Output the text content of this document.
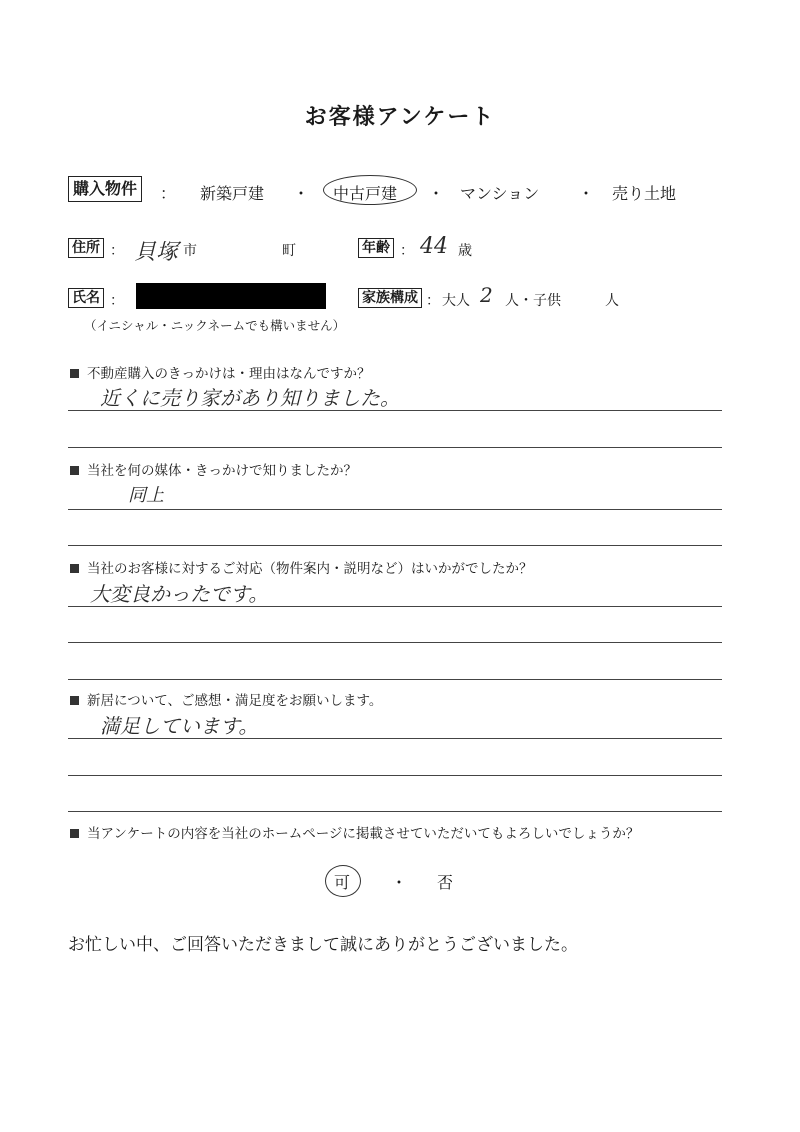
お客様アンケート
購入物件	： 新築戸建 ・ 中古戸建 ・ マンション ・ 売り土地
住所 ： 貝塚 市	町	年齢 ： 44 歳
氏名 ：	家族構成 ： 大人 2 人・子供	人
（イニシャル・ニックネームでも構いません）
不動産購入のきっかけは・理由はなんですか？
近くに売り家があり知りました。
当社を何の媒体・きっかけで知りましたか？
同上
当社のお客様に対するご対応（物件案内・説明など）はいかがでしたか？
大変良かったです。
新居について、ご感想・満足度をお願いします。
満足しています。
当アンケートの内容を当社のホームページに掲載させていただいてもよろしいでしょうか？
可	・ 否
お忙しい中、ご回答いただきまして誠にありがとうございました。
